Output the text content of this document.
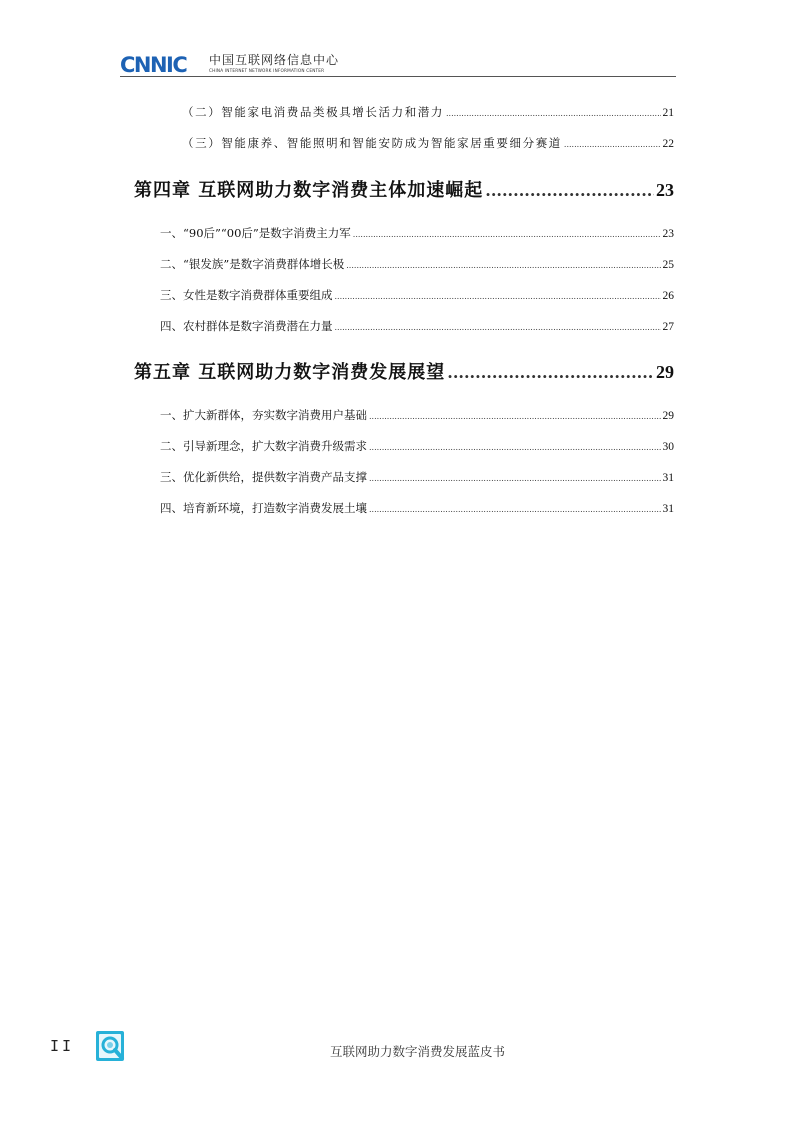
CNNIC 中国互联网络信息中心
CHINA INTERNET NETWORK INFORMATION CENTER
（二）智能家电消费品类极具增长活力和潜力 .....	21
（三）智能康养、智能照明和智能安防成为智能家居重要细分赛道 .....	22
第四章 互联网助力数字消费主体加速崛起 .....	23
一、“90后”“00后”是数字消费主力军 .....	23
二、“银发族”是数字消费群体增长极 .....	25
三、女性是数字消费群体重要组成 .....	26
四、农村群体是数字消费潜在力量 .....	27
第五章 互联网助力数字消费发展展望 .....	29
一、扩大新群体，夯实数字消费用户基础 .....	29
二、引导新理念，扩大数字消费升级需求 .....	30
三、优化新供给，提供数字消费产品支撑 .....	31
四、培育新环境，打造数字消费发展土壤 .....	31
II	互联网助力数字消费发展蓝皮书
